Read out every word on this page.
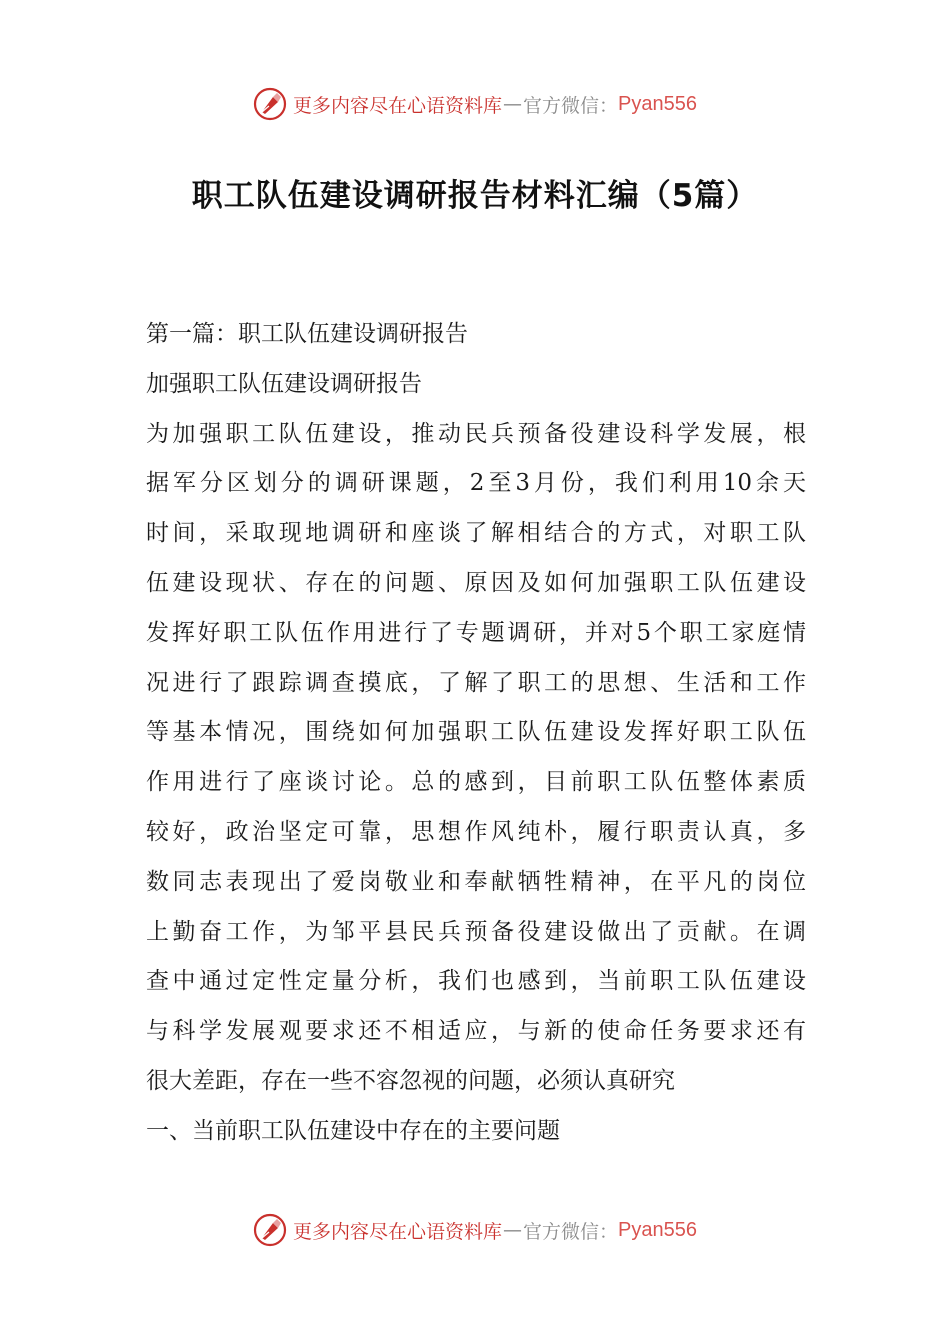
更多内容尽在心语资料库 — 官方微信： Pyan556
职工队伍建设调研报告材料汇编（5篇）
第一篇：职工队伍建设调研报告
加强职工队伍建设调研报告
为加强职工队伍建设，推动民兵预备役建设科学发展，根
据军分区划分的调研课题，2至3月份，我们利用10余天
时间，采取现地调研和座谈了解相结合的方式，对职工队
伍建设现状、存在的问题、原因及如何加强职工队伍建设
发挥好职工队伍作用进行了专题调研，并对5个职工家庭情
况进行了跟踪调查摸底，了解了职工的思想、生活和工作
等基本情况，围绕如何加强职工队伍建设发挥好职工队伍
作用进行了座谈讨论。总的感到，目前职工队伍整体素质
较好，政治坚定可靠，思想作风纯朴，履行职责认真，多
数同志表现出了爱岗敬业和奉献牺牲精神，在平凡的岗位
上勤奋工作，为邹平县民兵预备役建设做出了贡献。在调
查中通过定性定量分析，我们也感到，当前职工队伍建设
与科学发展观要求还不相适应，与新的使命任务要求还有
很大差距，存在一些不容忽视的问题，必须认真研究
一、当前职工队伍建设中存在的主要问题
更多内容尽在心语资料库 — 官方微信： Pyan556
